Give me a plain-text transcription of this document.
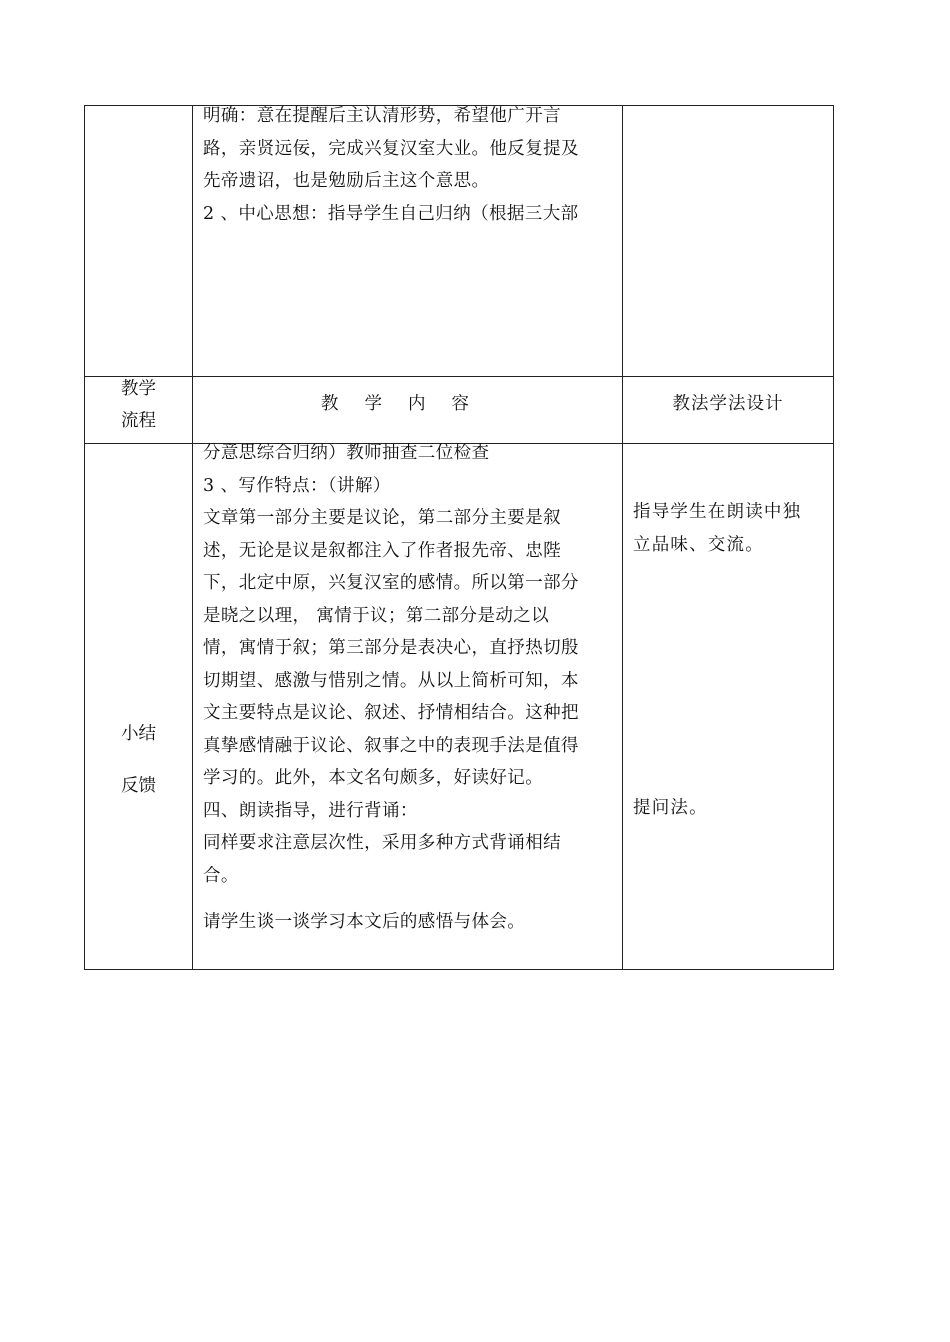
明确：意在提醒后主认清形势，希望他广开言

路，亲贤远佞，完成兴复汉室大业。他反复提及

先帝遗诏，也是勉励后主这个意思。

2 、中心思想：指导学生自己归纳（根据三大部

教学
流程
教学内容	教法学法设计
小结
反馈

分意思综合归纳）教师抽查二位检查

3 、写作特点：（讲解）

文章第一部分主要是议论，第二部分主要是叙

述，无论是议是叙都注入了作者报先帝、忠陛

下，北定中原，兴复汉室的感情。所以第一部分

是晓之以理， 寓情于议；第二部分是动之以

情，寓情于叙；第三部分是表决心，直抒热切殷

切期望、感激与惜别之情。从以上简析可知，本

文主要特点是议论、叙述、抒情相结合。这种把

真挚感情融于议论、叙事之中的表现手法是值得

学习的。此外，本文名句颇多，好读好记。

四、朗读指导，进行背诵：

同样要求注意层次性，采用多种方式背诵相结

合。

请学生谈一谈学习本文后的感悟与体会。

指导学生在朗读中独

立品味、交流。

提问法。
